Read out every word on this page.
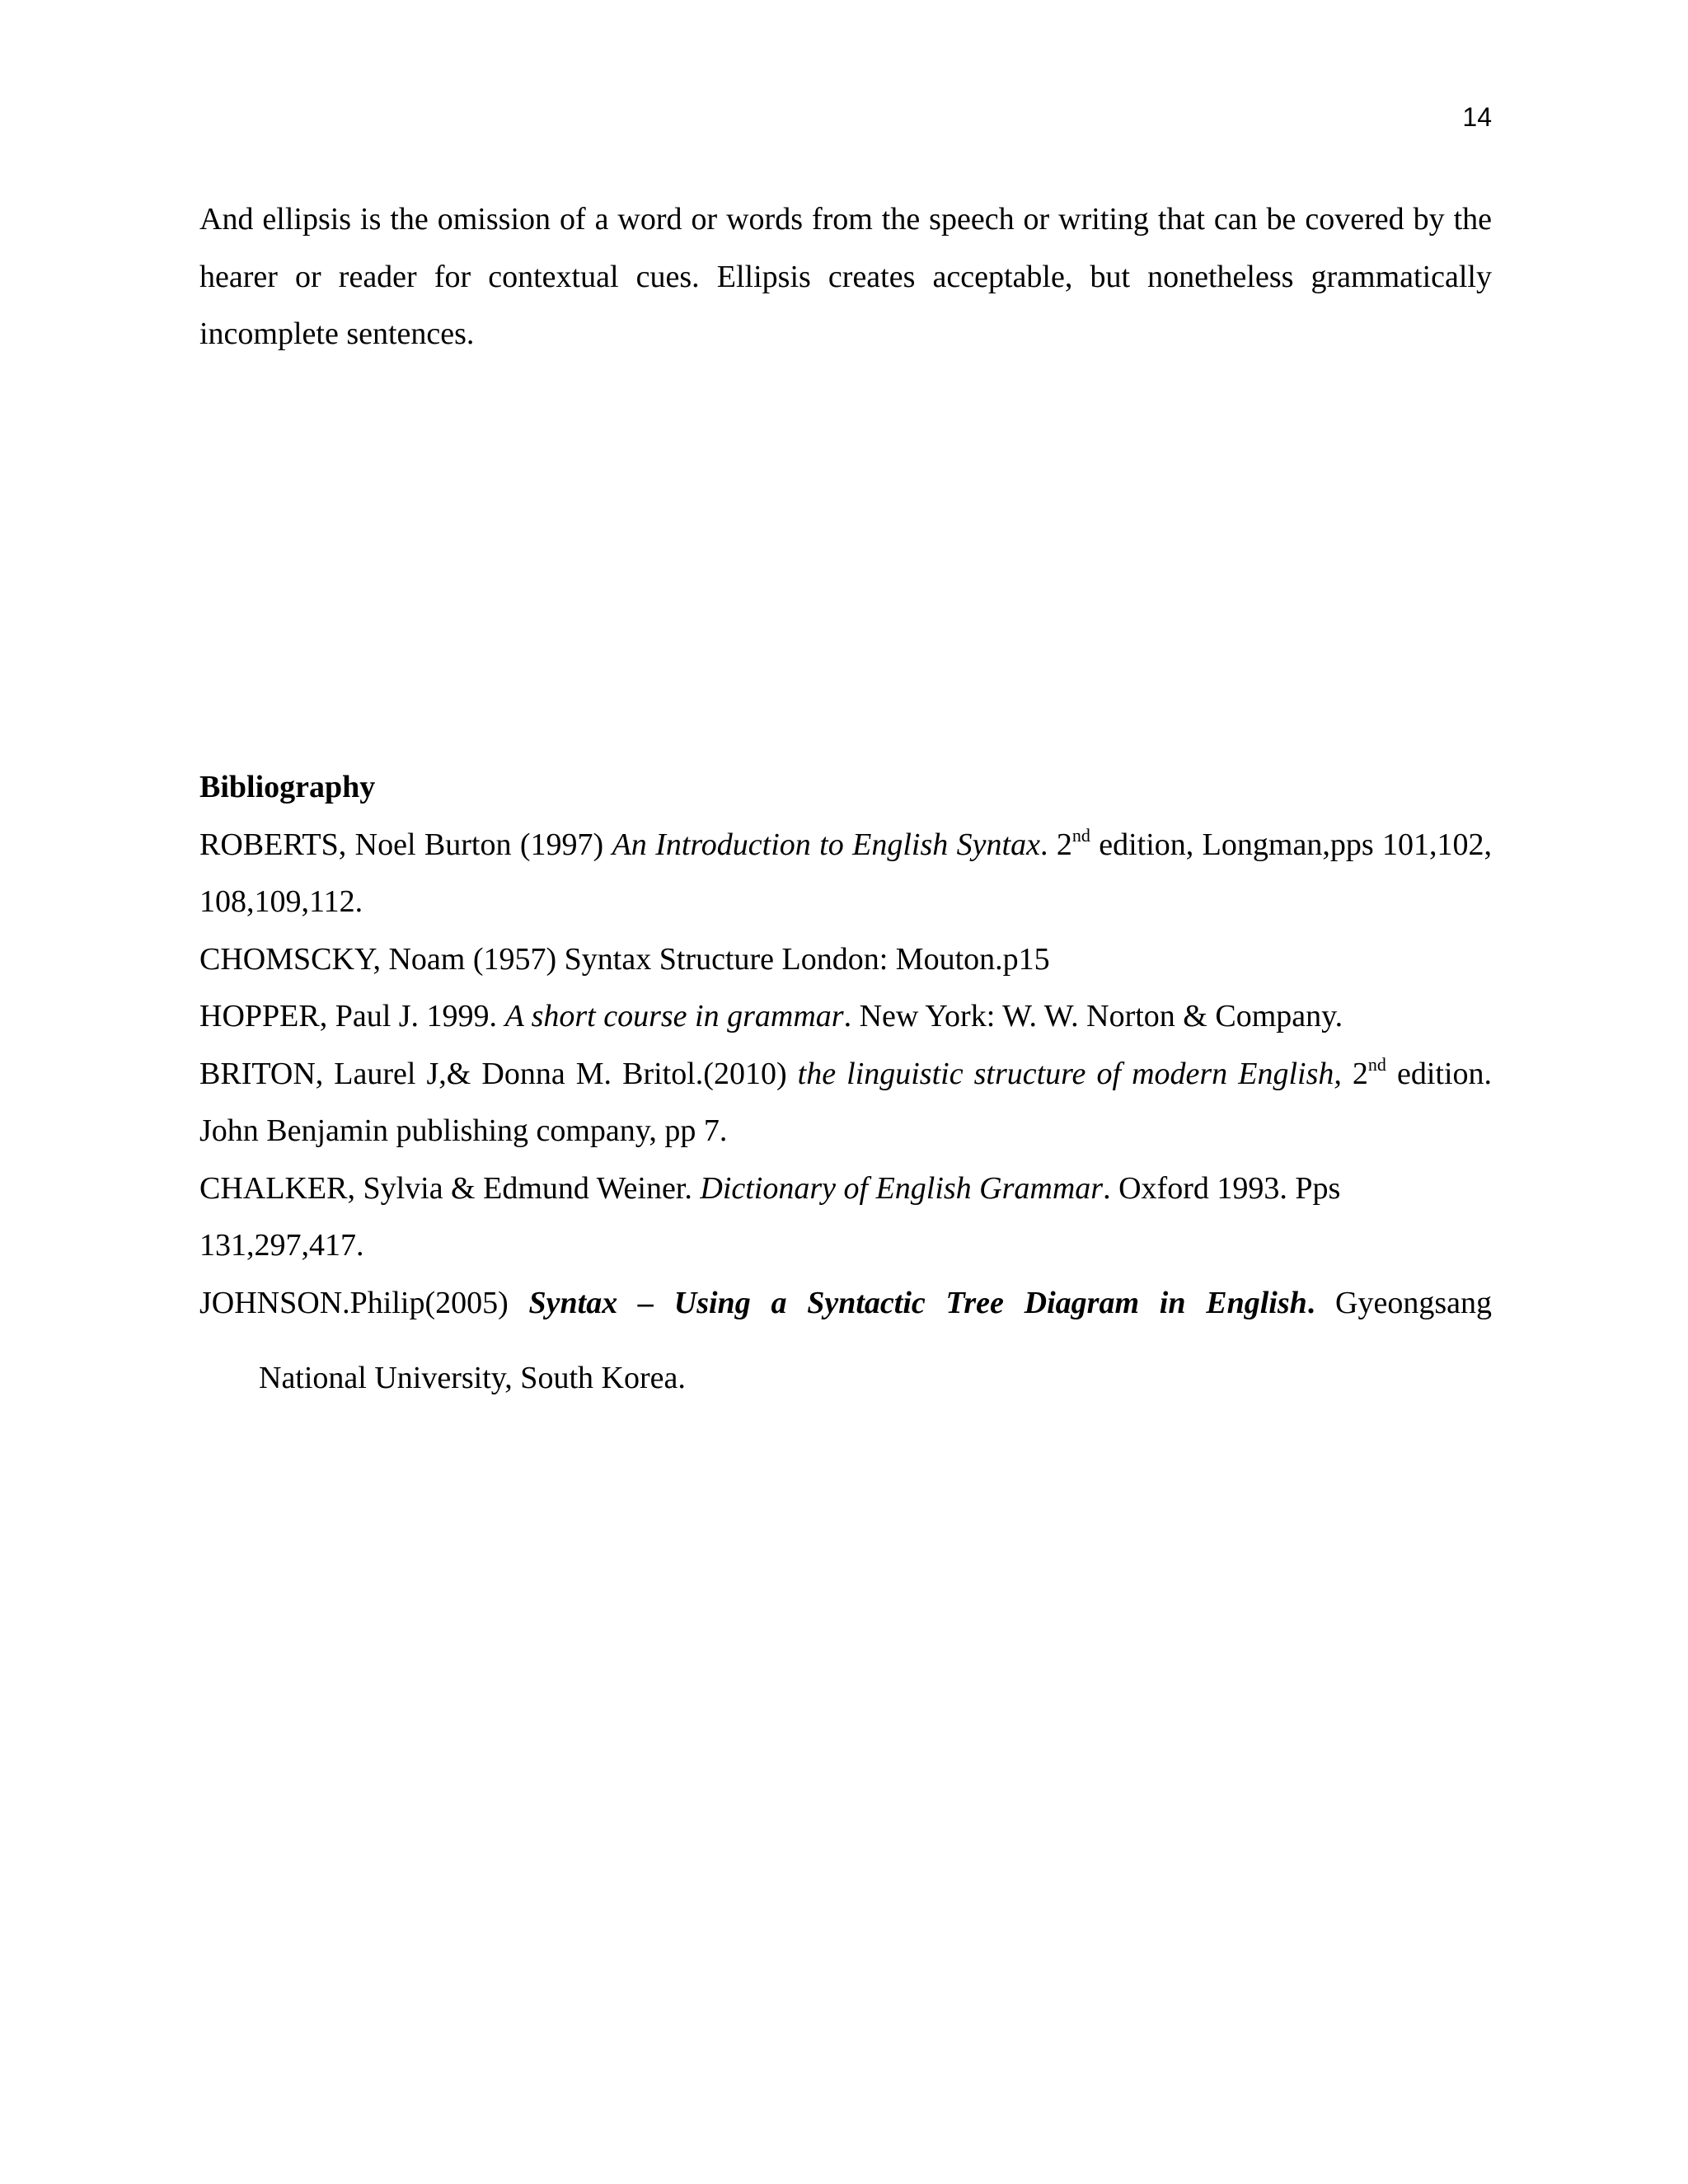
14

And ellipsis is the omission of a word or words from the speech or writing that can be covered by the hearer or reader for contextual cues. Ellipsis creates acceptable, but nonetheless grammatically incomplete sentences.

Bibliography

ROBERTS, Noel Burton (1997) An Introduction to English Syntax. 2nd edition, Longman,pps 101,102, 108,109,112.

CHOMSCKY, Noam (1957) Syntax Structure London: Mouton.p15

HOPPER, Paul J. 1999. A short course in grammar. New York: W. W. Norton & Company.

BRITON, Laurel J,& Donna M. Britol.(2010) the linguistic structure of modern English, 2nd edition. John Benjamin publishing company, pp 7.

CHALKER, Sylvia & Edmund Weiner. Dictionary of English Grammar. Oxford 1993. Pps
131,297,417.

JOHNSON.Philip(2005) Syntax – Using a Syntactic Tree Diagram in English. Gyeongsang
National University, South Korea.
